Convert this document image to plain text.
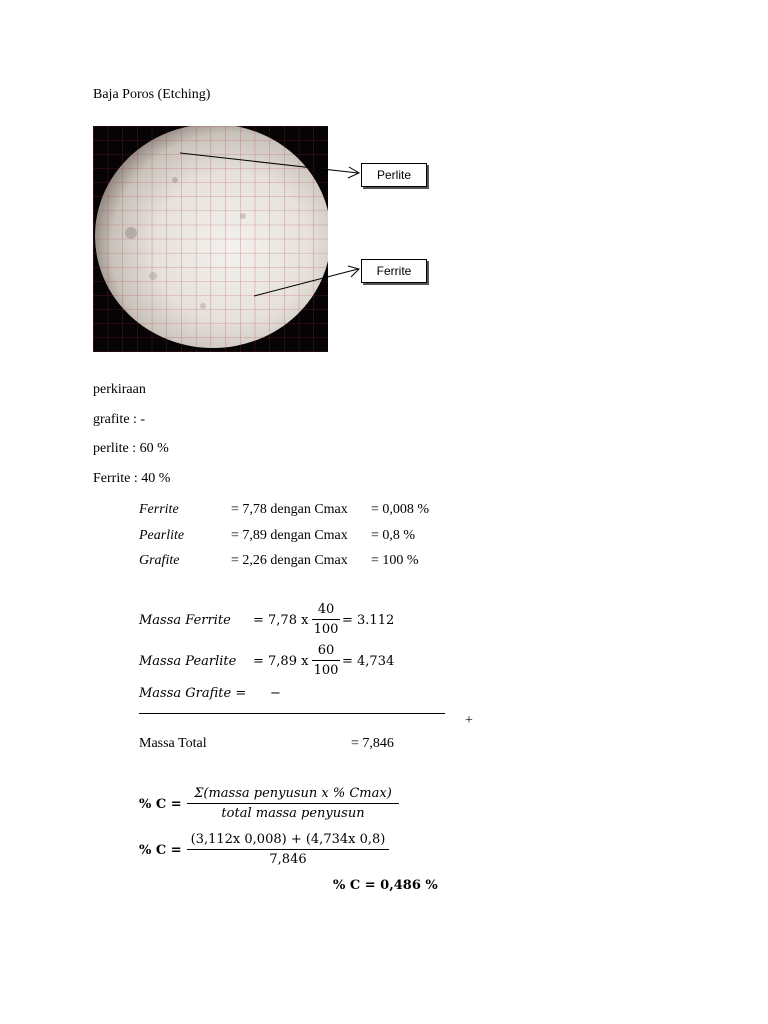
Baja Poros (Etching)
Perlite
Ferrite
perkiraan
grafite : -
perlite : 60 %
Ferrite : 40 %
Ferrite	= 7,78 dengan Cmax = 0,008 %
Pearlite	= 7,89 dengan Cmax = 0,8 %
Grafite	= 2,26 dengan Cmax = 100 %
Massa Ferrite = 7,78 x
40
100
= 3.112
Massa Pearlite = 7,89 x
60
100
= 4,734
Massa Grafite = −
+
Massa Total	= 7,846
% C =
Σ(massa penyusun x % Cmax)
total massa penyusun
% C =
(3,112x 0,008) + (4,734x 0,8)
7,846
% C = 0,486 %
